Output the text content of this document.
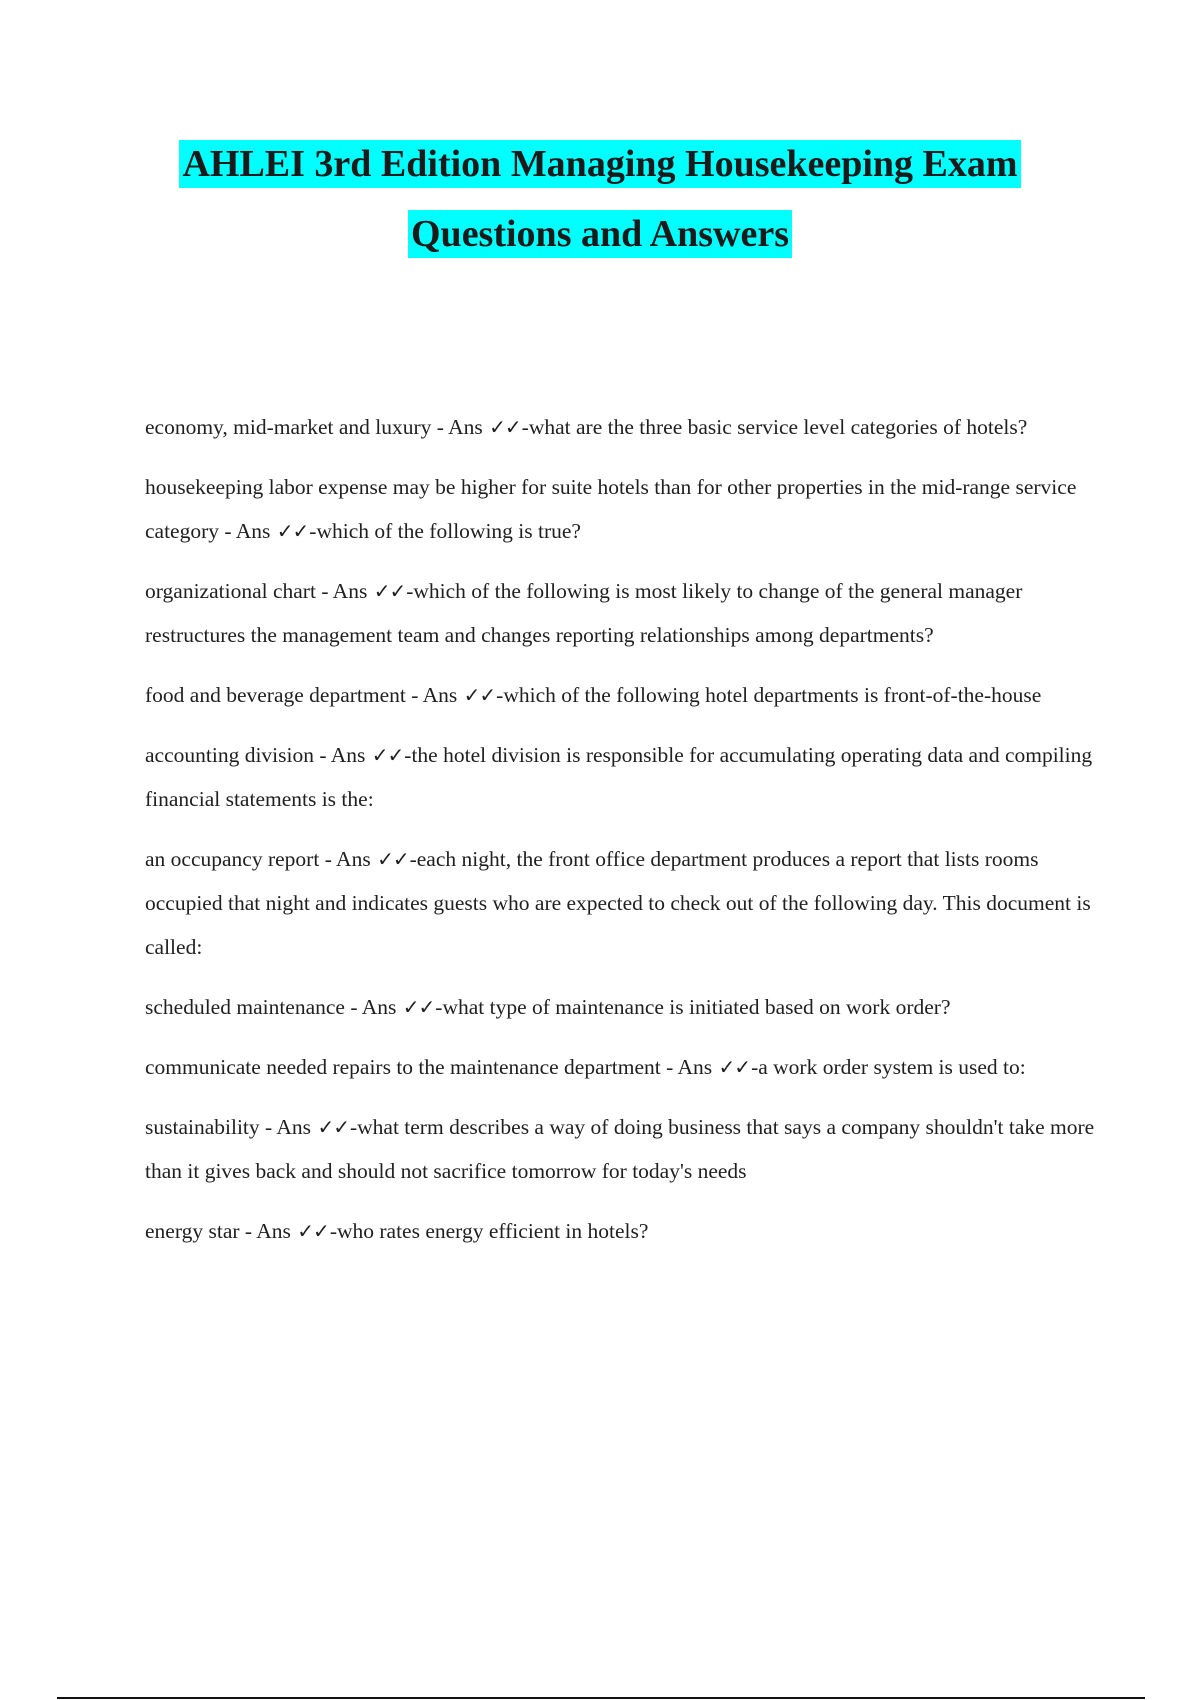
AHLEI 3rd Edition Managing Housekeeping Exam
Questions and Answers

economy, mid-market and luxury - Ans ✓✓-what are the three basic service level categories of hotels?

housekeeping labor expense may be higher for suite hotels than for other properties in the mid-range service category - Ans ✓✓-which of the following is true?

organizational chart - Ans ✓✓-which of the following is most likely to change of the general manager restructures the management team and changes reporting relationships among departments?

food and beverage department - Ans ✓✓-which of the following hotel departments is front-of-the-house

accounting division - Ans ✓✓-the hotel division is responsible for accumulating operating data and compiling financial statements is the:

an occupancy report - Ans ✓✓-each night, the front office department produces a report that lists rooms occupied that night and indicates guests who are expected to check out of the following day. This document is called:

scheduled maintenance - Ans ✓✓-what type of maintenance is initiated based on work order?

communicate needed repairs to the maintenance department - Ans ✓✓-a work order system is used to:

sustainability - Ans ✓✓-what term describes a way of doing business that says a company shouldn't take more than it gives back and should not sacrifice tomorrow for today's needs

energy star - Ans ✓✓-who rates energy efficient in hotels?
